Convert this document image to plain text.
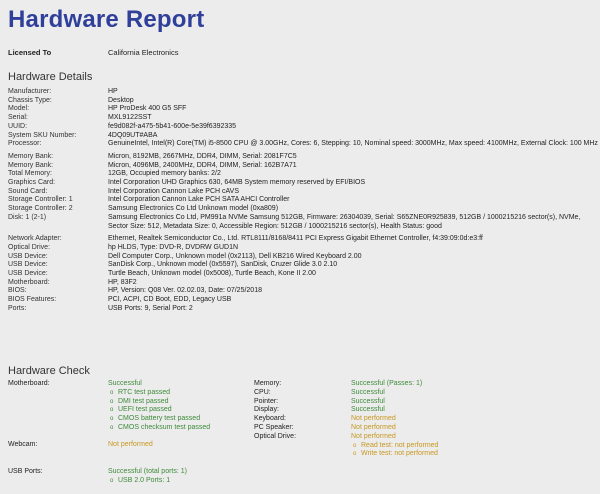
Hardware Report
Licensed To	California Electronics
Hardware Details
Manufacturer:	HP
Chassis Type:	Desktop
Model:	HP ProDesk 400 G5 SFF
Serial:	MXL9122SST
UUID:	fe9d082f-a475-5b41-600e-5e39f6392335
System SKU Number:	4DQ09UT#ABA
Processor:	GenuineIntel, Intel(R) Core(TM) i5-8500 CPU @ 3.00GHz, Cores: 6, Stepping: 10, Nominal speed: 3000MHz, Max speed: 4100MHz, External Clock: 100 MHz
Memory Bank:	Micron, 8192MB, 2667MHz, DDR4, DIMM, Serial: 2081F7C5
Memory Bank:	Micron, 4096MB, 2400MHz, DDR4, DIMM, Serial: 162B7A71
Total Memory:	12GB, Occupied memory banks: 2/2
Graphics Card:	Intel Corporation UHD Graphics 630, 64MB System memory reserved by EFI/BIOS
Sound Card:	Intel Corporation Cannon Lake PCH cAVS
Storage Controller: 1	Intel Corporation Cannon Lake PCH SATA AHCI Controller
Storage Controller: 2	Samsung Electronics Co Ltd Unknown model (0xa809)
Disk: 1 (2-1)	Samsung Electronics Co Ltd, PM991a NVMe Samsung 512GB, Firmware: 26304039, Serial: S65ZNE0R925839, 512GB / 1000215216 sector(s), NVMe, Sector Size: 512, Metadata Size: 0, Accessible Region: 512GB / 1000215216 sector(s), Health Status: good
Network Adapter:	Ethernet, Realtek Semiconductor Co., Ltd. RTL8111/8168/8411 PCI Express Gigabit Ethernet Controller, f4:39:09:0d:e3:ff
Optical Drive:	hp HLDS, Type: DVD-R, DVDRW GUD1N
USB Device:	Dell Computer Corp., Unknown model (0x2113), Dell KB216 Wired Keyboard 2.00
USB Device:	SanDisk Corp., Unknown model (0x5597), SanDisk, Cruzer Glide 3.0 2.10
USB Device:	Turtle Beach, Unknown model (0x5008), Turtle Beach, Kone II 2.00
Motherboard:	HP, 83F2
BIOS:	HP, Version: Q08 Ver. 02.02.03, Date: 07/25/2018
BIOS Features:	PCI, ACPI, CD Boot, EDD, Legacy USB
Ports:	USB Ports: 9, Serial Port: 2
Hardware Check
Motherboard:	Successful
o RTC test passed
o DMI test passed
o UEFI test passed
o CMOS battery test passed
o CMOS checksum test passed
Webcam:	Not performed
USB Ports:	Successful (total ports: 1)
o USB 2.0 Ports: 1
Memory:	Successful (Passes: 1)
CPU:	Successful
Pointer:	Successful
Display:	Successful
Keyboard:	Not performed
PC Speaker:	Not performed
Optical Drive:	Not performed
o Read test: not performed
o Write test: not performed
